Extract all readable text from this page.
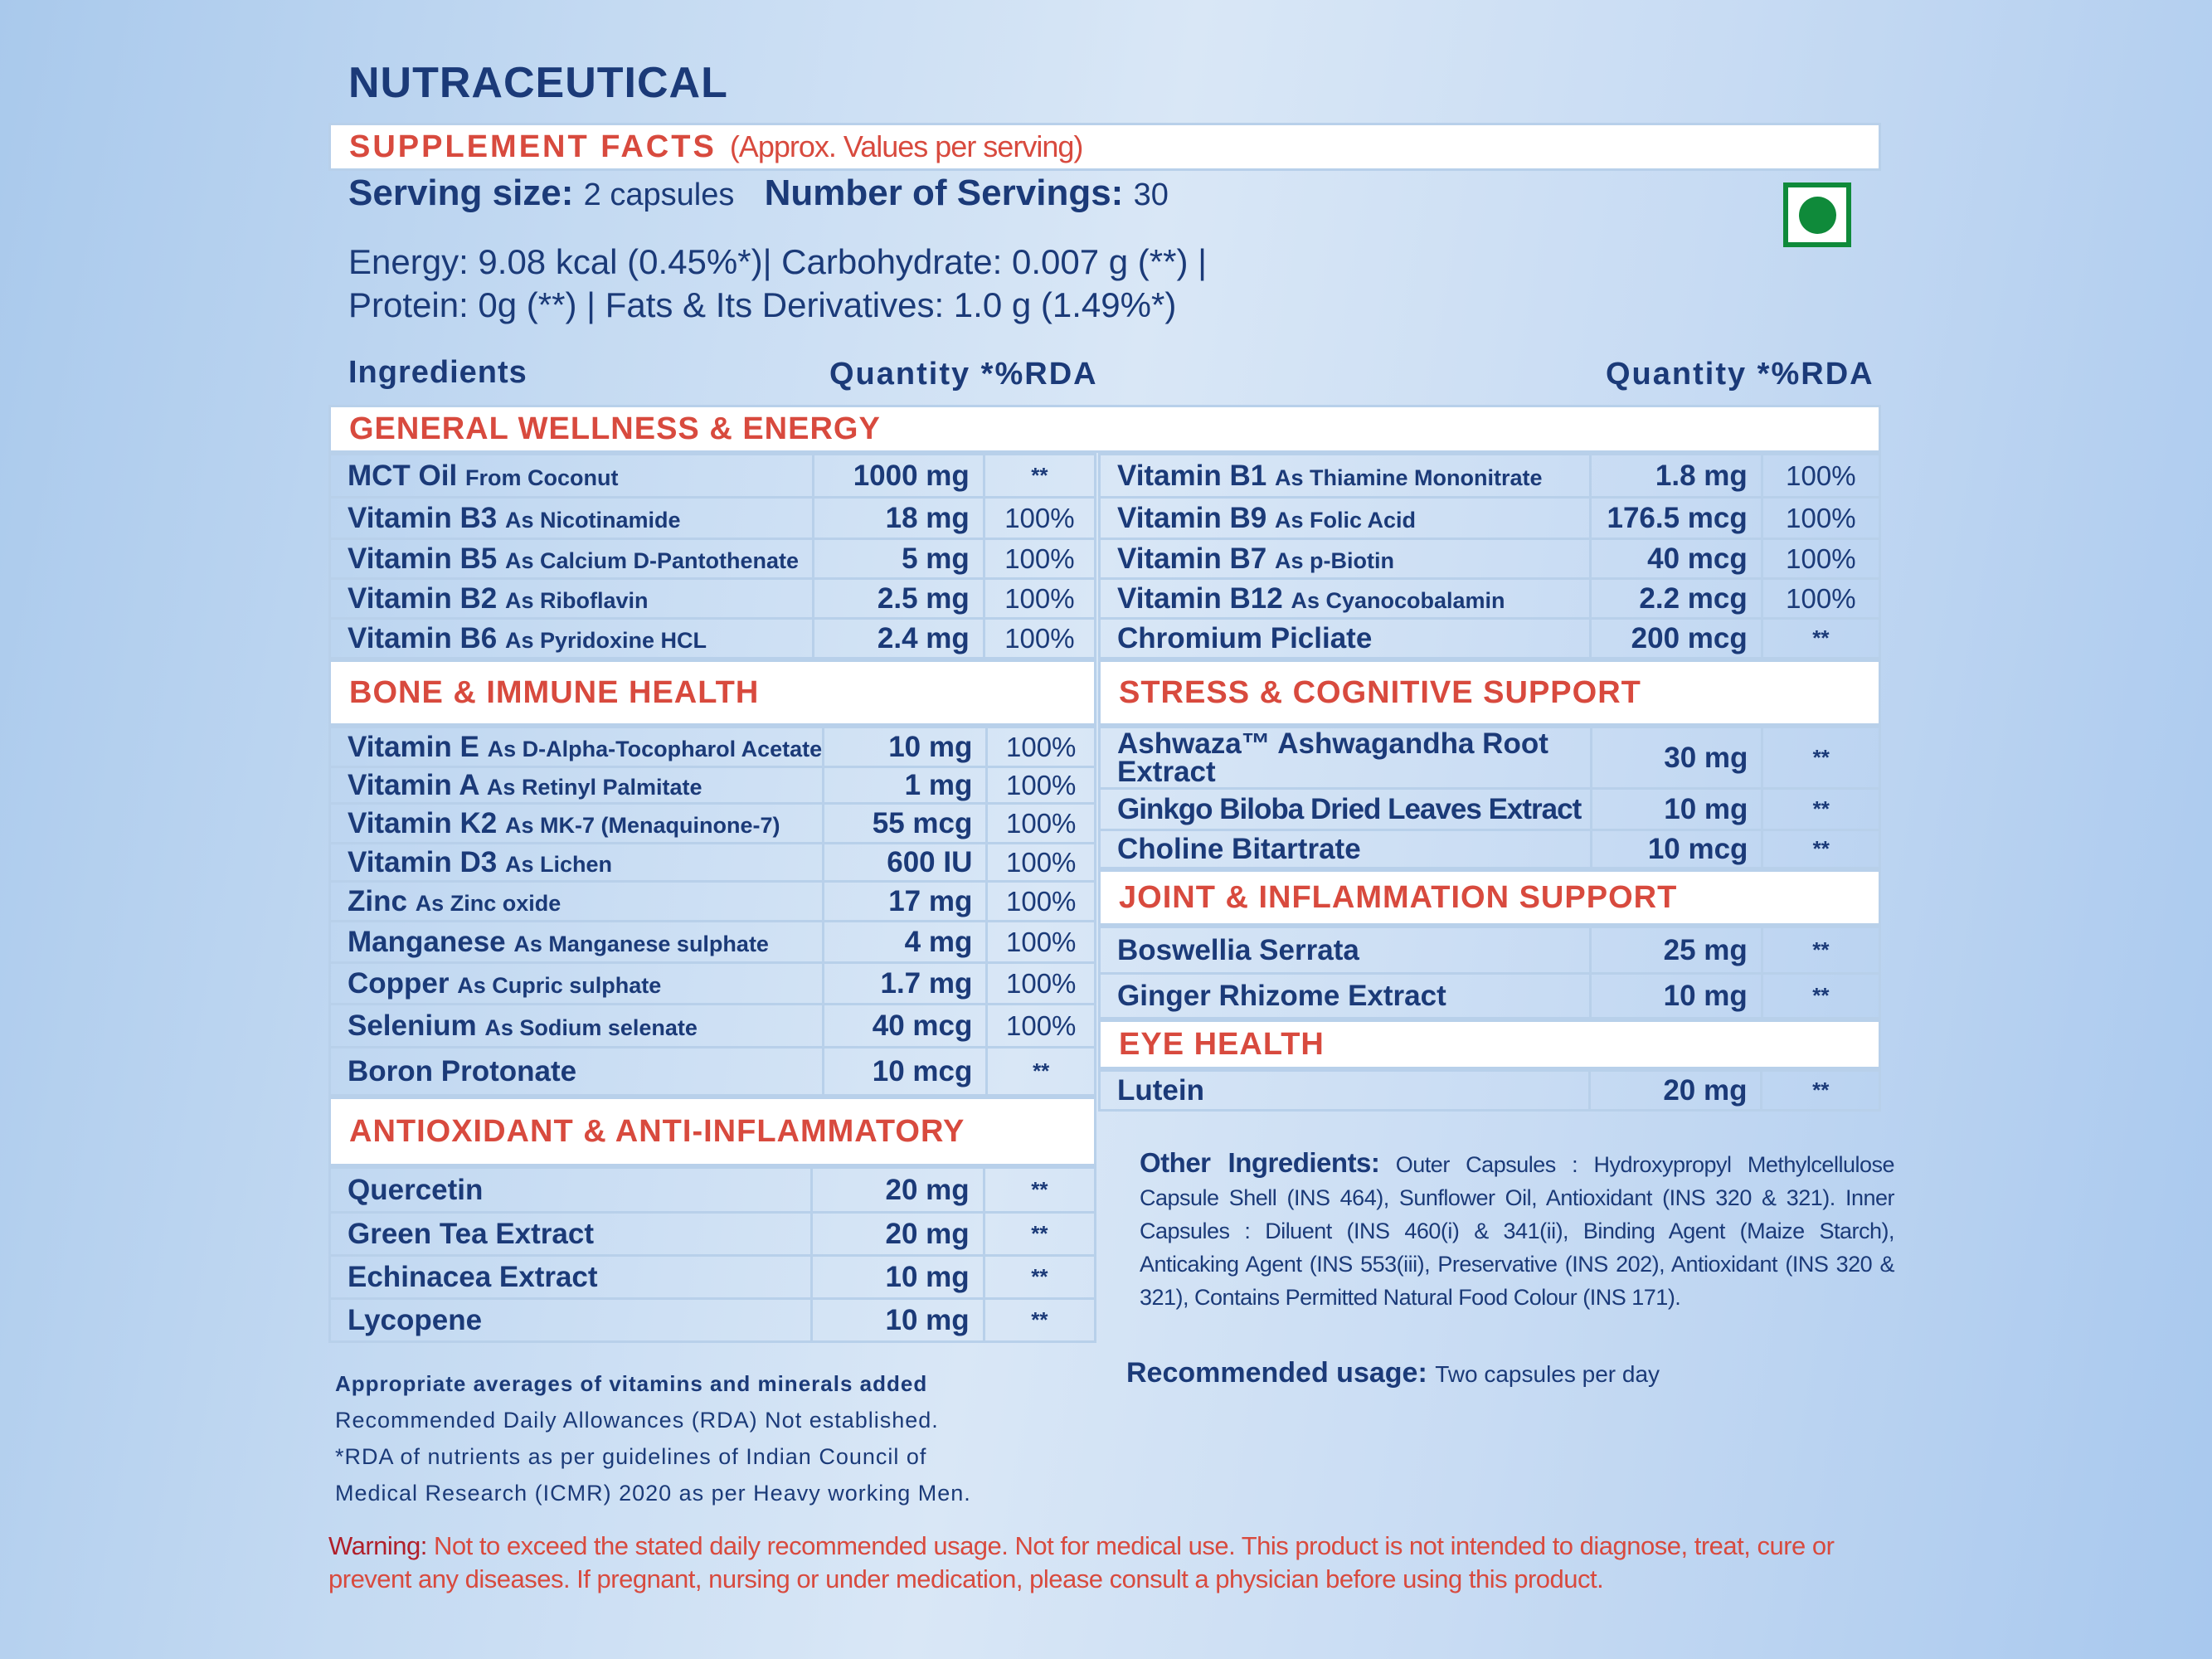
NUTRACEUTICAL
SUPPLEMENT FACTS (Approx. Values per serving)
Serving size: 2 capsules Number of Servings: 30
Energy: 9.08 kcal (0.45%*)| Carbohydrate: 0.007 g (**) |
Protein: 0g (**) | Fats & Its Derivatives: 1.0 g (1.49%*)
Ingredients	Quantity *%RDA	Quantity *%RDA
GENERAL WELLNESS & ENERGY
MCT Oil From Coconut	1000 mg	**
Vitamin B3 As Nicotinamide	18 mg	100%
Vitamin B5 As Calcium D-Pantothenate	5 mg	100%
Vitamin B2 As Riboflavin	2.5 mg	100%
Vitamin B6 As Pyridoxine HCL	2.4 mg	100%
BONE & IMMUNE HEALTH
Vitamin E As D-Alpha-Tocopharol Acetate	10 mg	100%
Vitamin A As Retinyl Palmitate	1 mg	100%
Vitamin K2 As MK-7 (Menaquinone-7)	55 mcg	100%
Vitamin D3 As Lichen	600 IU	100%
Zinc As Zinc oxide	17 mg	100%
Manganese As Manganese sulphate	4 mg	100%
Copper As Cupric sulphate	1.7 mg	100%
Selenium As Sodium selenate	40 mcg	100%
Boron Protonate	10 mcg	**
ANTIOXIDANT & ANTI-INFLAMMATORY
Quercetin	20 mg	**
Green Tea Extract	20 mg	**
Echinacea Extract	10 mg	**
Lycopene	10 mg	**
Vitamin B1 As Thiamine Mononitrate	1.8 mg	100%
Vitamin B9 As Folic Acid	176.5 mcg	100%
Vitamin B7 As p-Biotin	40 mcg	100%
Vitamin B12 As Cyanocobalamin	2.2 mcg	100%
Chromium Picliate	200 mcg	**
STRESS & COGNITIVE SUPPORT
Ashwaza™ Ashwagandha Root
Extract	30 mg	**
Ginkgo Biloba Dried Leaves Extract	10 mg	**
Choline Bitartrate	10 mcg	**
JOINT & INFLAMMATION SUPPORT
Boswellia Serrata	25 mg	**
Ginger Rhizome Extract	10 mg	**
EYE HEALTH
Lutein	20 mg	**
Other Ingredients: Outer Capsules : Hydroxypropyl Methylcellulose Capsule Shell (INS 464), Sunflower Oil, Antioxidant (INS 320 & 321). Inner Capsules : Diluent (INS 460(i) & 341(ii), Binding Agent (Maize Starch), Anticaking Agent (INS 553(iii), Preservative (INS 202), Antioxidant (INS 320 & 321), Contains Permitted Natural Food Colour (INS 171).
Recommended usage: Two capsules per day
Appropriate averages of vitamins and minerals added
Recommended Daily Allowances (RDA) Not established.
*RDA of nutrients as per guidelines of Indian Council of
Medical Research (ICMR) 2020 as per Heavy working Men.
Warning: Not to exceed the stated daily recommended usage. Not for medical use. This product is not intended to diagnose, treat, cure or prevent any diseases. If pregnant, nursing or under medication, please consult a physician before using this product.
